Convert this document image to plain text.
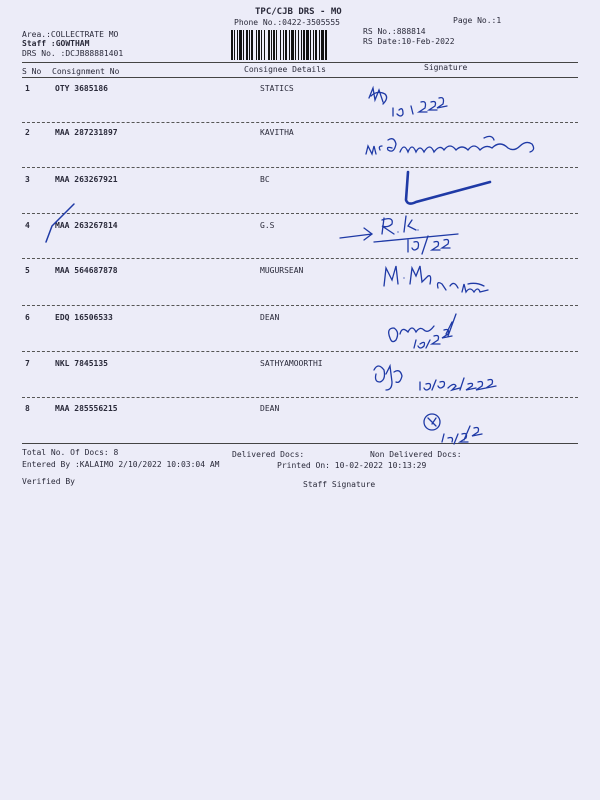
TPC/CJB DRS - MO
Phone No.:0422-3505555	Page No.:1
Area.:COLLECTRATE MO
Staff :GOWTHAM
DRS No. :DCJB88881401
RS No.:888814
RS Date:10-Feb-2022
S No Consignment No	Consignee Details	Signature
1	OTY 3685186	STATICS
2	MAA 287231897	KAVITHA
3	MAA 263267921	BC
4	MAA 263267814	G.S
5	MAA 564687878	MUGURSEAN
6	EDQ 16506533	DEAN
7	NKL 7845135	SATHYAMOORTHI
8	MAA 285556215	DEAN
Total No. Of Docs: 8	Delivered Docs:	Non Delivered Docs:
Entered By :KALAIMO 2/10/2022 10:03:04 AM	Printed On: 10-02-2022 10:13:29
Verified By	Staff Signature
